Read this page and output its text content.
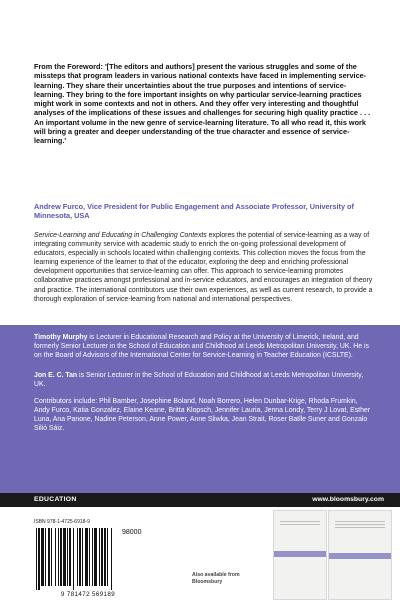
From the Foreword: '[The editors and authors] present the various struggles and some of the missteps that program leaders in various national contexts have faced in implementing service-learning. They share their uncertainties about the true purposes and intentions of service-learning. They bring to the fore important insights on why particular service-learning practices might work in some contexts and not in others. And they offer very interesting and thoughtful analyses of the implications of these issues and challenges for securing high quality practice . . . An important volume in the new genre of service-learning literature. To all who read it, this work will bring a greater and deeper understanding of the true character and essence of service-learning.'

Andrew Furco, Vice President for Public Engagement and Associate Professor, University of Minnesota, USA

Service-Learning and Educating in Challenging Contexts explores the potential of service-learning as a way of integrating community service with academic study to enrich the on-going professional development of educators, especially in schools located within challenging contexts. This collection moves the focus from the learning experience of the learner to that of the educator, exploring the deep and enriching professional development opportunities that service-learning can offer. This approach to service-learning promotes collaborative practices amongst professional and in-service educators, and encourages an integration of theory and practice. The international contributors use their own experiences, as well as current research, to provide a thorough exploration of service-learning from national and international perspectives.

Timothy Murphy is Lecturer in Educational Research and Policy at the University of Limerick, Ireland, and formerly Senior Lecturer in the School of Education and Childhood at Leeds Metropolitan University, UK. He is on the Board of Advisors of the International Center for Service-Learning in Teacher Education (ICSLTE).

Jon E. C. Tan is Senior Lecturer in the School of Education and Childhood at Leeds Metropolitan University, UK.

Contributors include: Phil Bamber, Josephine Boland, Noah Borrero, Helen Dunbar-Krige, Rhoda Frumkin, Andy Furco, Katia Gonzalez, Elaine Keane, Britta Klopsch, Jennifer Lauria, Jenna Londy, Terry J Lovat, Esther Luna, Ana Panone, Nadine Peterson, Anne Power, Anne Sliwka, Jean Strait, Roser Batlle Suner and Gonzalo Silió Sáiz.

EDUCATION	www.bloomsbury.com
ISBN 978-1-4725-6918-9
98000
9 781472 569189

Also available from Bloomsbury
